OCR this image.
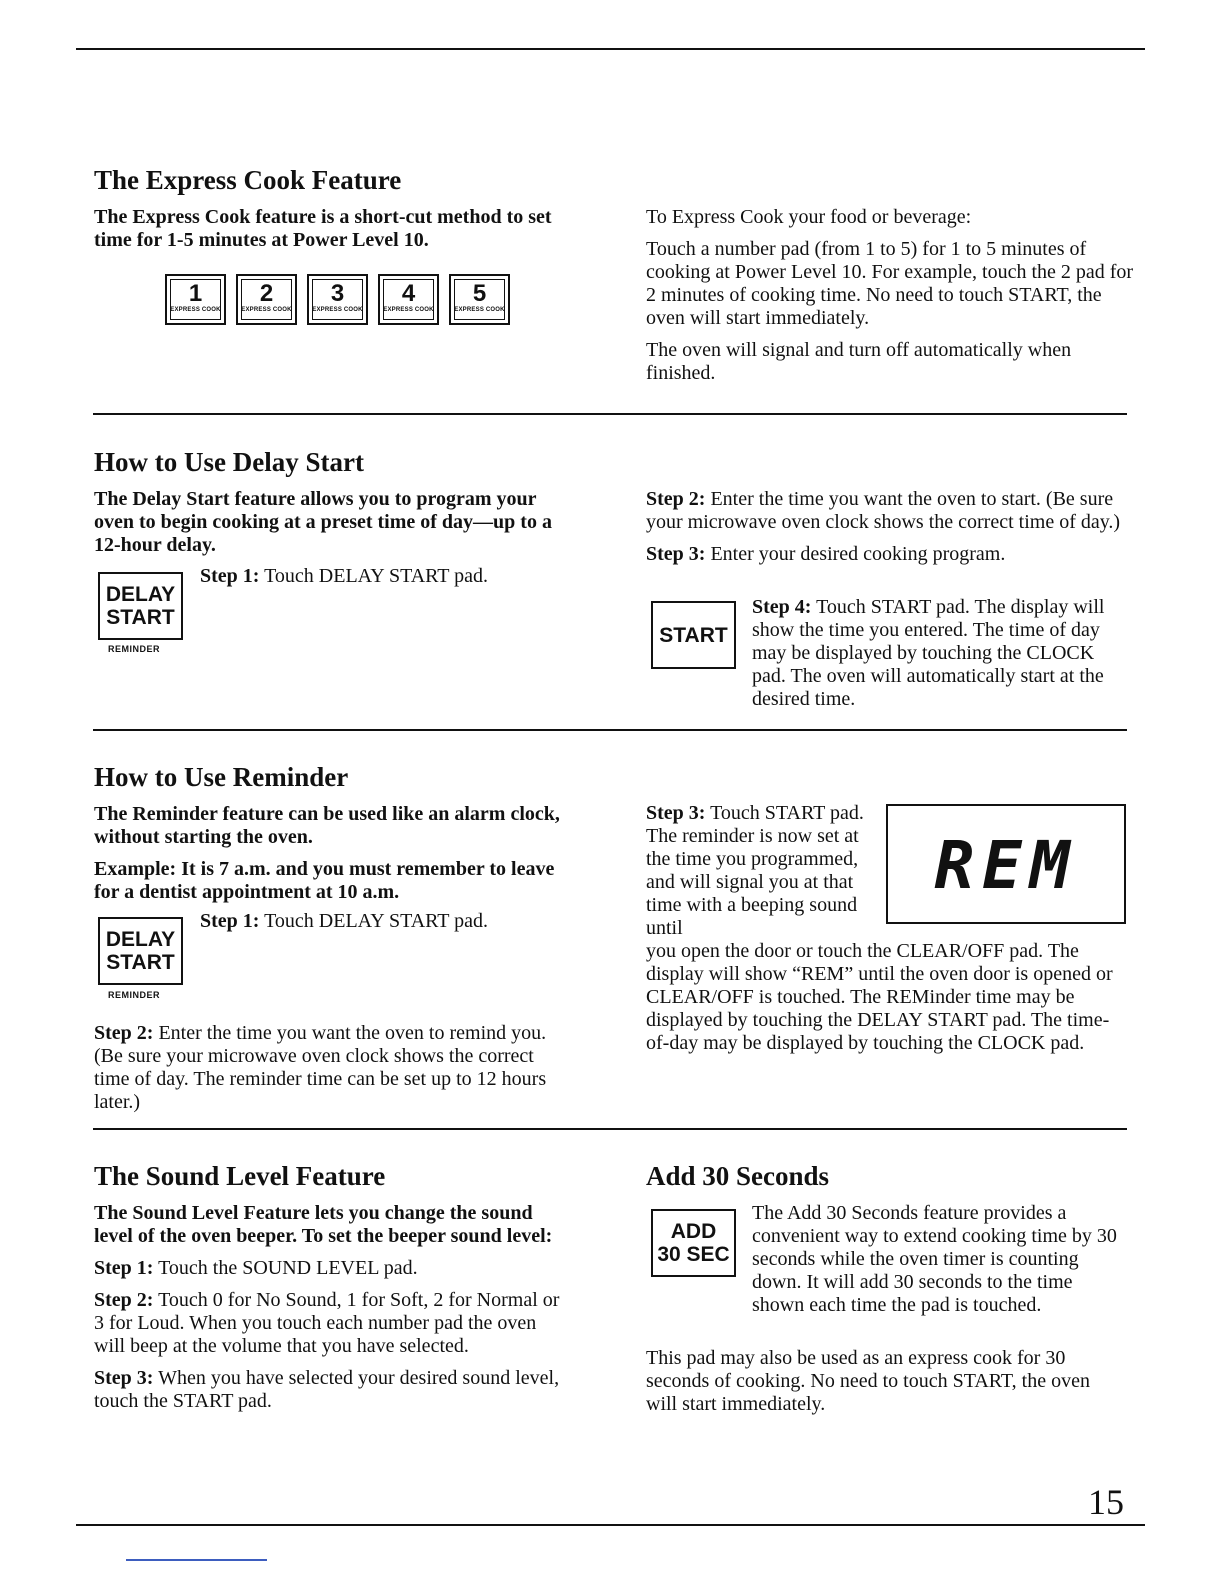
The Express Cook Feature

The Express Cook feature is a short-cut method to set time for 1-5 minutes at Power Level 10.

1
EXPRESS COOK
2
EXPRESS COOK
3
EXPRESS COOK
4
EXPRESS COOK
5
EXPRESS COOK

To Express Cook your food or beverage:

Touch a number pad (from 1 to 5) for 1 to 5 minutes of cooking at Power Level 10. For example, touch the 2 pad for 2 minutes of cooking time. No need to touch START, the oven will start immediately.

The oven will signal and turn off automatically when finished.

How to Use Delay Start

The Delay Start feature allows you to program your oven to begin cooking at a preset time of day—up to a 12-hour delay.

DELAY
START
REMINDER

Step 1: Touch DELAY START pad.

Step 2: Enter the time you want the oven to start. (Be sure your microwave oven clock shows the correct time of day.)

Step 3: Enter your desired cooking program.

START

Step 4: Touch START pad. The display will show the time you entered. The time of day may be displayed by touching the CLOCK pad. The oven will automatically start at the desired time.

How to Use Reminder

The Reminder feature can be used like an alarm clock, without starting the oven.

Example: It is 7 a.m. and you must remember to leave for a dentist appointment at 10 a.m.

DELAY
START
REMINDER

Step 1: Touch DELAY START pad.

Step 2: Enter the time you want the oven to remind you. (Be sure your microwave oven clock shows the correct time of day. The reminder time can be set up to 12 hours later.)

Step 3: Touch START pad. The reminder is now set at the time you programmed, and will signal you at that time with a beeping sound until

you open the door or touch the CLEAR/OFF pad. The display will show “REM” until the oven door is opened or CLEAR/OFF is touched. The REMinder time may be displayed by touching the DELAY START pad. The time-of-day may be displayed by touching the CLOCK pad.

REM
The Sound Level Feature

The Sound Level Feature lets you change the sound level of the oven beeper. To set the beeper sound level:

Step 1: Touch the SOUND LEVEL pad.

Step 2: Touch 0 for No Sound, 1 for Soft, 2 for Normal or 3 for Loud. When you touch each number pad the oven will beep at the volume that you have selected.

Step 3: When you have selected your desired sound level, touch the START pad.

Add 30 Seconds
ADD
30 SEC

The Add 30 Seconds feature provides a convenient way to extend cooking time by 30 seconds while the oven timer is counting down. It will add 30 seconds to the time shown each time the pad is touched.

This pad may also be used as an express cook for 30 seconds of cooking. No need to touch START, the oven will start immediately.

15
